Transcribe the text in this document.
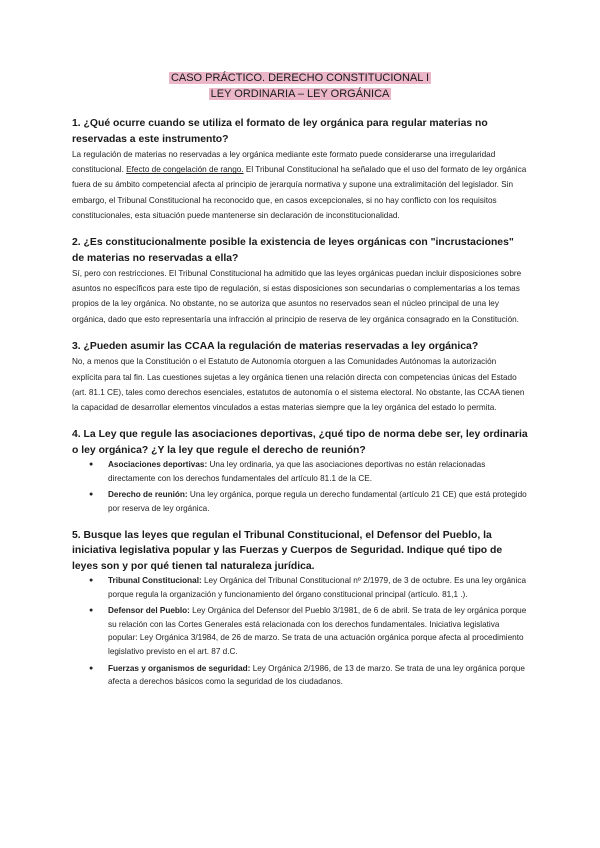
CASO PRÁCTICO. DERECHO CONSTITUCIONAL I
LEY ORDINARIA – LEY ORGÁNICA

1. ¿Qué ocurre cuando se utiliza el formato de ley orgánica para regular materias no reservadas a este instrumento?

La regulación de materias no reservadas a ley orgánica mediante este formato puede considerarse una irregularidad constitucional. Efecto de congelación de rango. El Tribunal Constitucional ha señalado que el uso del formato de ley orgánica fuera de su ámbito competencial afecta al principio de jerarquía normativa y supone una extralimitación del legislador. Sin embargo, el Tribunal Constitucional ha reconocido que, en casos excepcionales, si no hay conflicto con los requisitos constitucionales, esta situación puede mantenerse sin declaración de inconstitucionalidad.

2. ¿Es constitucionalmente posible la existencia de leyes orgánicas con "incrustaciones" de materias no reservadas a ella?

Sí, pero con restricciones. El Tribunal Constitucional ha admitido que las leyes orgánicas puedan incluir disposiciones sobre asuntos no específicos para este tipo de regulación, si estas disposiciones son secundarias o complementarias a los temas propios de la ley orgánica. No obstante, no se autoriza que asuntos no reservados sean el núcleo principal de una ley orgánica, dado que esto representaría una infracción al principio de reserva de ley orgánica consagrado en la Constitución.

3. ¿Pueden asumir las CCAA la regulación de materias reservadas a ley orgánica?

No, a menos que la Constitución o el Estatuto de Autonomía otorguen a las Comunidades Autónomas la autorización explícita para tal fin. Las cuestiones sujetas a ley orgánica tienen una relación directa con competencias únicas del Estado (art. 81.1 CE), tales como derechos esenciales, estatutos de autonomía o el sistema electoral. No obstante, las CCAA tienen la capacidad de desarrollar elementos vinculados a estas materias siempre que la ley orgánica del estado lo permita.

4. La Ley que regule las asociaciones deportivas, ¿qué tipo de norma debe ser, ley ordinaria o ley orgánica? ¿Y la ley que regule el derecho de reunión?

● Asociaciones deportivas: Una ley ordinaria, ya que las asociaciones deportivas no están relacionadas directamente con los derechos fundamentales del artículo 81.1 de la CE.
● Derecho de reunión: Una ley orgánica, porque regula un derecho fundamental (artículo 21 CE) que está protegido por reserva de ley orgánica.

5. Busque las leyes que regulan el Tribunal Constitucional, el Defensor del Pueblo, la iniciativa legislativa popular y las Fuerzas y Cuerpos de Seguridad. Indique qué tipo de leyes son y por qué tienen tal naturaleza jurídica.

● Tribunal Constitucional: Ley Orgánica del Tribunal Constitucional nº 2/1979, de 3 de octubre. Es una ley orgánica porque regula la organización y funcionamiento del órgano constitucional principal (artículo. 81,1 .).
● Defensor del Pueblo: Ley Orgánica del Defensor del Pueblo 3/1981, de 6 de abril. Se trata de ley orgánica porque su relación con las Cortes Generales está relacionada con los derechos fundamentales. Iniciativa legislativa popular: Ley Orgánica 3/1984, de 26 de marzo. Se trata de una actuación orgánica porque afecta al procedimiento legislativo previsto en el art. 87 d.C.
● Fuerzas y organismos de seguridad: Ley Orgánica 2/1986, de 13 de marzo. Se trata de una ley orgánica porque afecta a derechos básicos como la seguridad de los ciudadanos.
